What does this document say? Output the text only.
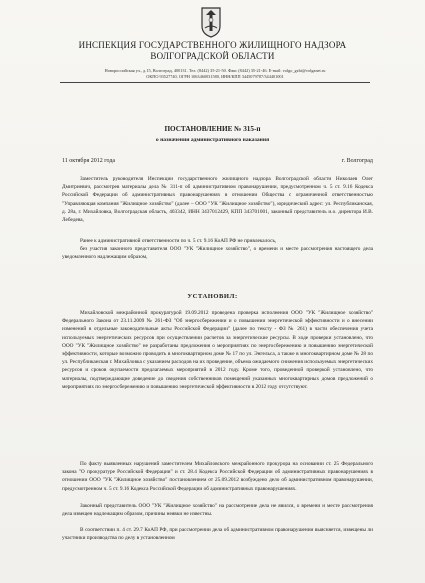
ИНСПЕКЦИЯ ГОСУДАРСТВЕННОГО ЖИЛИЩНОГО НАДЗОРА
ВОЛГОГРАДСКОЙ ОБЛАСТИ
Новороссийская ул., д.15, Волгоград, 400131. Тел. (8442) 35-21-50. Факс (8442) 35-21-46. E-mail: volgo_gzhi@volganet.ru
ОКПО 93527740, ОГРН 1063460031580, ИНН/КПП 3445079787/344401001
ПОСТАНОВЛЕНИЕ № 315-п
о назначении административного наказания
11 октября 2012 года	г. Волгоград

Заместитель руководителя Инспекции государственного жилищного надзора Волгоградской области Николаев Олег Дмитриевич, рассмотрев материалы дела № 311-п об административном правонарушении, предусмотренном ч. 5 ст. 9.16 Кодекса Российской Федерации об административных правонарушениях в отношении Общества с ограниченной ответственностью "Управляющая компания "Жилищное хозяйство" (далее – ООО "УК "Жилищное хозяйство"), юридический адрес: ул. Республиканская, д. 28а, г. Михайловка, Волгоградская область, 403342, ИНН 3437012429, КПП 343701001, законный представитель и.о. директора И.В. Лебедева,

Ранее к административной ответственности по ч. 5 ст. 9.16 КоАП РФ не привлекалось,

без участия законного представителя ООО "УК "Жилищное хозяйство", о времени и месте рассмотрения настоящего дела уведомленного надлежащим образом,

УСТАНОВИЛ:

Михайловской межрайонной прокуратурой 19.09.2012 проведена проверка исполнения ООО "УК "Жилищное хозяйство" Федерального Закона от 23.11.2009 № 261-ФЗ "Об энергосбережении и о повышении энергетической эффективности и о внесении изменений в отдельные законодательные акты Российской Федерации" (далее по тексту - ФЗ № 261) в части обеспечения учета используемых энергетических ресурсов при осуществлении расчетов за энергетические ресурсы. В ходе проверки установлено, что ООО "УК "Жилищное хозяйство" не разработаны предложения о мероприятиях по энергосбережению и повышению энергетической эффективности, которые возможно проводить в многоквартирном доме № 17 по ул. Энгельса, а также в многоквартирном доме № 28 по ул. Республиканская г. Михайловка с указанием расходов на их проведение, объема ожидаемого снижения используемых энергетических ресурсов и сроков окупаемости предлагаемых мероприятий в 2012 году. Кроме того, проведенной проверкой установлено, что материалы, подтверждающие доведение до сведения собственников помещений указанных многоквартирных домов предложений о мероприятиях по энергосбережению и повышению энергетической эффективности в 2012 году отсутствуют.

По факту выявленных нарушений заместителем Михайловского межрайонного прокурора на основании ст. 25 Федерального закона "О прокуратуре Российской Федерации" и ст. 28.4 Кодекса Российской Федерации об административных правонарушениях в отношении ООО "УК "Жилищное хозяйство" постановлением от 25.09.2012 возбуждено дело об административном правонарушении, предусмотренном ч. 5 ст. 9.16 Кодекса Российской Федерации об административных правонарушениях.

Законный представитель ООО "УК "Жилищное хозяйство" на рассмотрение дела не явился, о времени и месте рассмотрения дела извещен надлежащим образом, причины неявки не известны.

В соответствии п. 4 ст. 29.7 КоАП РФ, при рассмотрении дела об административном правонарушении выясняется, извещены ли участники производства по делу в установленном
